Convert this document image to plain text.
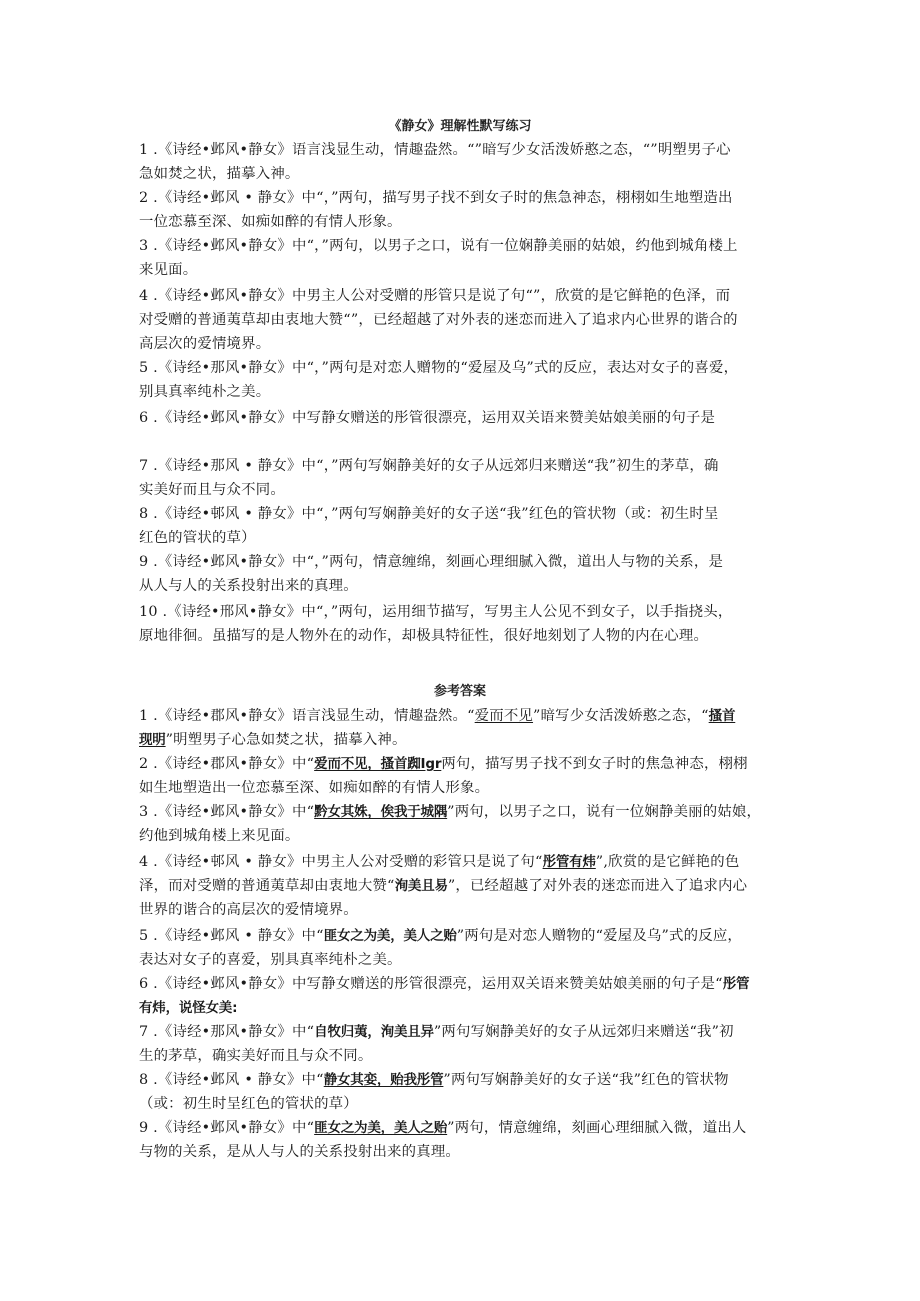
《静女》理解性默写练习

1 .《诗经•邺风•静女》语言浅显生动，情趣盎然。“”暗写少女活泼娇憨之态，“”明塑男子心

急如焚之状，描摹入神。

2 .《诗经•邺风 • 静女》中“，”两句，描写男子找不到女子时的焦急神态，栩栩如生地塑造出

一位恋慕至深、如痴如醉的有情人形象。

3 .《诗经•邺风•静女》中“，”两句，以男子之口，说有一位娴静美丽的姑娘，约他到城角楼上

来见面。

4 .《诗经•邺风•静女》中男主人公对受赠的彤管只是说了句“”，欣赏的是它鲜艳的色泽，而

对受赠的普通荑草却由衷地大赞“”，已经超越了对外表的迷恋而进入了追求内心世界的谐合的

高层次的爱情境界。

5 .《诗经•那风•静女》中“，”两句是对恋人赠物的“爱屋及乌”式的反应，表达对女子的喜爱，

别具真率纯朴之美。

6 .《诗经•邺风•静女》中写静女赠送的彤管很漂亮，运用双关语来赞美姑娘美丽的句子是

7 .《诗经•那风 • 静女》中“，”两句写娴静美好的女子从远郊归来赠送“我”初生的茅草，确

实美好而且与众不同。

8 .《诗经•邨风 • 静女》中“，”两句写娴静美好的女子送“我”红色的管状物（或：初生时呈

红色的管状的草）

9 .《诗经•邺风•静女》中“，”两句，情意缠绵，刻画心理细腻入微，道出人与物的关系，是

从人与人的关系投射出来的真理。

10 .《诗经•邢风•静女》中“，”两句，运用细节描写，写男主人公见不到女子，以手指挠头，

原地徘徊。虽描写的是人物外在的动作，却极具特征性，很好地刻划了人物的内在心理。

参考答案

1 .《诗经•郡风•静女》语言浅显生动，情趣盎然。“爱而不见”暗写少女活泼娇憨之态，“搔首

现明”明塑男子心急如焚之状，描摹入神。

2 .《诗经•郡风•静女》中“爱而不见，搔首踟Igr两句，描写男子找不到女子时的焦急神态，栩栩

如生地塑造出一位恋慕至深、如痴如醉的有情人形象。

3 .《诗经•邺风•静女》中“黔女其姝，俟我于城隅”两句，以男子之口，说有一位娴静美丽的姑娘，

约他到城角楼上来见面。

4 .《诗经•邨风 • 静女》中男主人公对受赠的彩管只是说了句“彤管有炜”,欣赏的是它鲜艳的色

泽，而对受赠的普通荑草却由衷地大赞“洵美且易”，已经超越了对外表的迷恋而进入了追求内心

世界的谐合的高层次的爱情境界。

5 .《诗经•邺风 • 静女》中“匪女之为美，美人之贻”两句是对恋人赠物的“爱屋及乌”式的反应，

表达对女子的喜爱，别具真率纯朴之美。

6 .《诗经•邺风•静女》中写静女赠送的彤管很漂亮，运用双关语来赞美姑娘美丽的句子是“彤管

有炜，说怪女美:

7 .《诗经•那风•静女》中“自牧归荑，洵美且异”两句写娴静美好的女子从远郊归来赠送“我”初

生的茅草，确实美好而且与众不同。

8 .《诗经•邺风 • 静女》中“静女其娈，贻我彤管”两句写娴静美好的女子送“我”红色的管状物

（或：初生时呈红色的管状的草）

9 .《诗经•邺风•静女》中“匪女之为美，美人之贻”两句，情意缠绵，刻画心理细腻入微，道出人

与物的关系，是从人与人的关系投射出来的真理。
